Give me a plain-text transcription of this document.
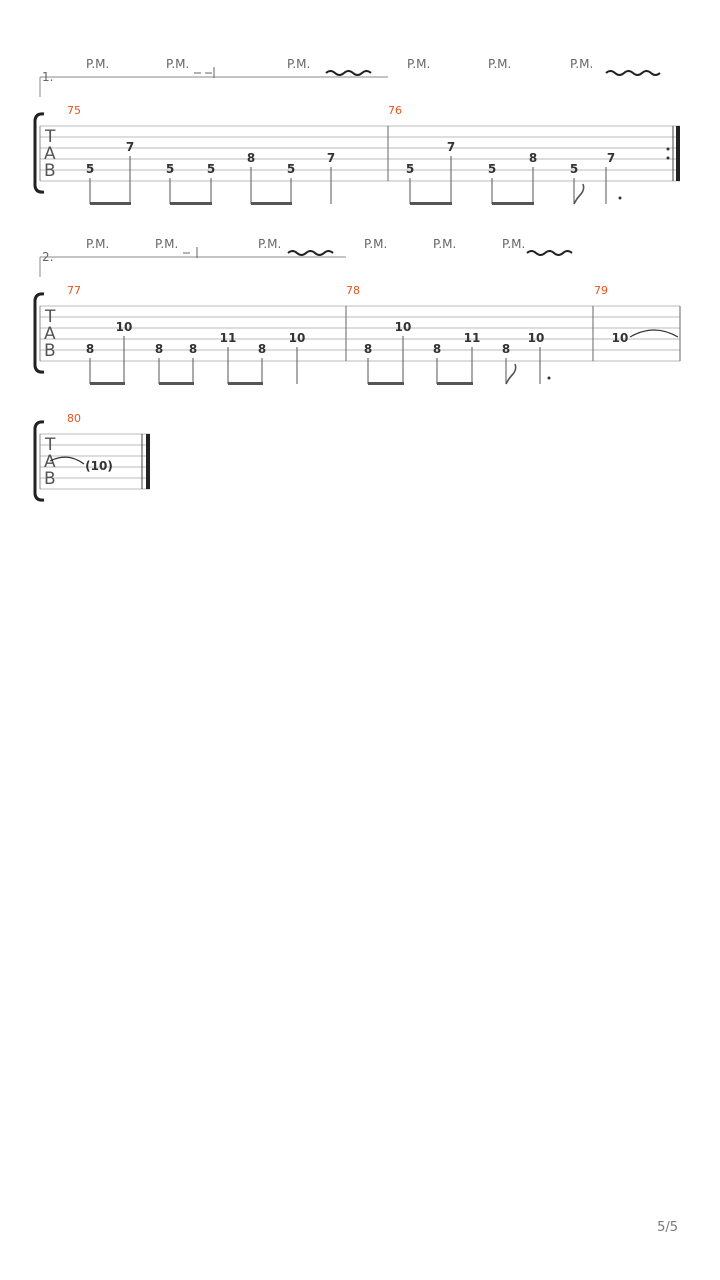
1.
P.M.	P.M.	P.M.	P.M.	P.M.	P.M.
75	76
T
A
B	5
7
5	5
8
5
7
5
7
5
8
5
7
2.
P.M.	P.M.	P.M.	P.M.	P.M.	P.M.
77	78	79
T
A
B	8
10
8 8
11
8
10
8
10
8
11
8
10	10
80
T
A
B
(10)
5/5
